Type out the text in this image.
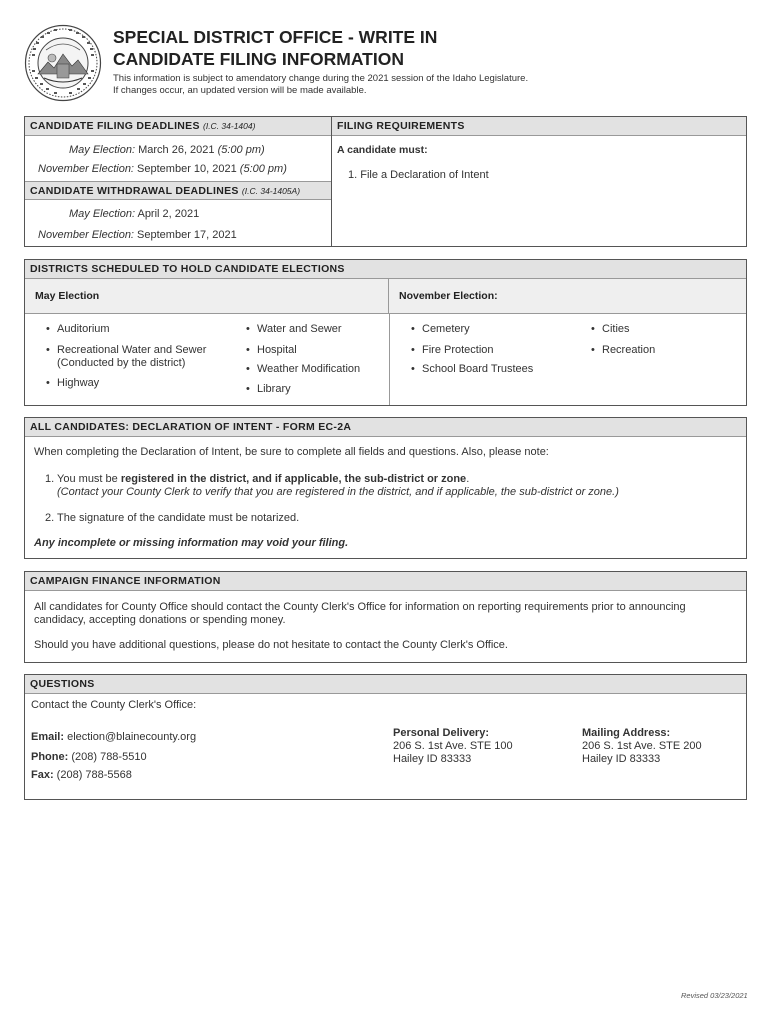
SPECIAL DISTRICT OFFICE - WRITE IN
CANDIDATE FILING INFORMATION
This information is subject to amendatory change during the 2021 session of the Idaho Legislature.
If changes occur, an updated version will be made available.
CANDIDATE FILING DEADLINES (I.C. 34-1404)
May Election: March 26, 2021 (5:00 pm)
November Election: September 10, 2021 (5:00 pm)
CANDIDATE WITHDRAWAL DEADLINES (I.C. 34-1405A)
May Election: April 2, 2021
November Election: September 17, 2021
FILING REQUIREMENTS
A candidate must:
1. File a Declaration of Intent
DISTRICTS SCHEDULED TO HOLD CANDIDATE ELECTIONS
May Election	November Election:
• Auditorium
• Recreational Water and Sewer
(Conducted by the district)
• Highway
• Water and Sewer
• Hospital
• Weather Modification
• Library
• Cemetery
• Fire Protection
• School Board Trustees
• Cities
• Recreation
ALL CANDIDATES: DECLARATION OF INTENT - FORM EC-2A
When completing the Declaration of Intent, be sure to complete all fields and questions. Also, please note:
1. You must be registered in the district, and if applicable, the sub-district or zone.
(Contact your County Clerk to verify that you are registered in the district, and if applicable, the sub-district or zone.)
2. The signature of the candidate must be notarized.
Any incomplete or missing information may void your filing.
CAMPAIGN FINANCE INFORMATION
All candidates for County Office should contact the County Clerk's Office for information on reporting requirements prior to announcing
candidacy, accepting donations or spending money.
Should you have additional questions, please do not hesitate to contact the County Clerk's Office.
QUESTIONS
Contact the County Clerk's Office:
Email: election@blainecounty.org
Phone: (208) 788-5510
Fax: (208) 788-5568
Personal Delivery:
206 S. 1st Ave. STE 100
Hailey ID 83333
Mailing Address:
206 S. 1st Ave. STE 200
Hailey ID 83333
Revised 03/23/2021
